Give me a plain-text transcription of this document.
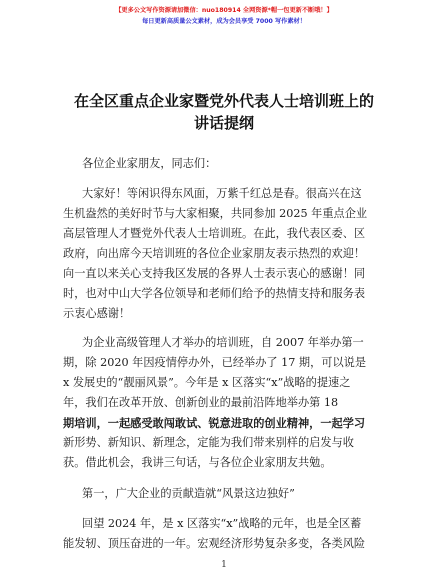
【更多公文写作资源请加微信：nuo180914 全网资源*帽一包更新不断哦！】
每日更新高质量公文素材，成为会员享受 7000 写作素材！
在全区重点企业家暨党外代表人士培训班上的
讲话提纲
各位企业家朋友，同志们：
大家好！等闲识得东风面，万紫千红总是春。很高兴在这
生机盎然的美好时节与大家相聚，共同参加 2025 年重点企业
高层管理人才暨党外代表人士培训班。在此，我代表区委、区
政府，向出席今天培训班的各位企业家朋友表示热烈的欢迎！
向一直以来关心支持我区发展的各界人士表示衷心的感谢！同
时，也对中山大学各位领导和老师们给予的热情支持和服务表
示衷心感谢！
为企业高级管理人才举办的培训班，自 2007 年举办第一
期，除 2020 年因疫情停办外，已经举办了 17 期，可以说是
x 发展史的“靓丽风景”。今年是 x 区落实“x”战略的提速之
年，我们在改革开放、创新创业的最前沿阵地举办第 18
期培训，一起感受敢闯敢试、锐意进取的创业精神，一起学习
新形势、新知识、新理念，定能为我们带来别样的启发与收
获。借此机会，我讲三句话，与各位企业家朋友共勉。
第一，广大企业的贡献造就“风景这边独好”
回望 2024 年，是 x 区落实“x”战略的元年，也是全区蓄
能发轫、顶压奋进的一年。宏观经济形势复杂多变，各类风险
1
